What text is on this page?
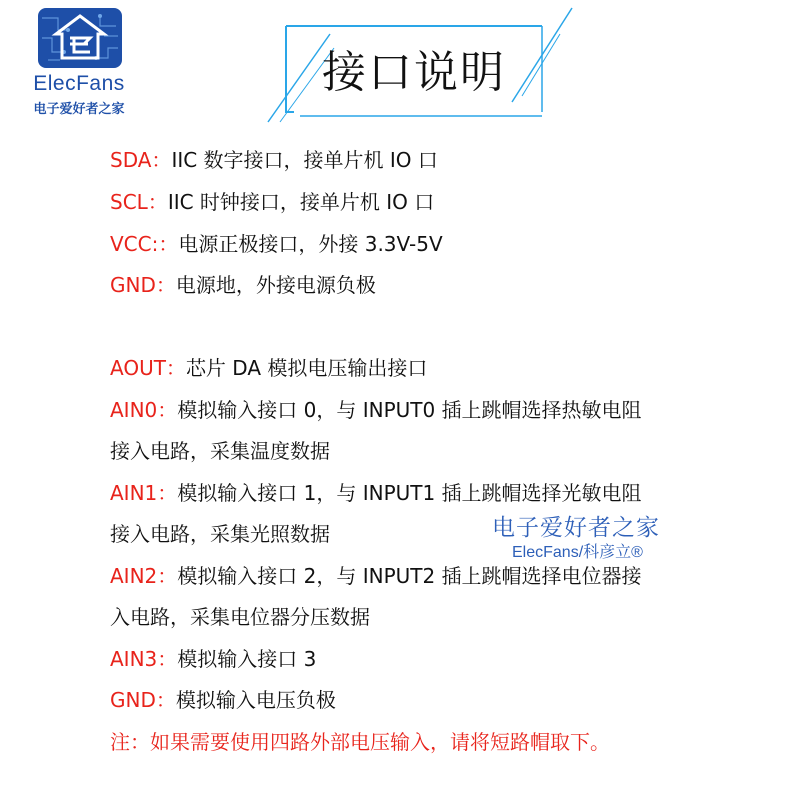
ElecFans
电子爱好者之家
接口说明
SDA：IIC 数字接口，接单片机 IO 口
SCL：IIC 时钟接口，接单片机 IO 口
VCC:：电源正极接口，外接 3.3V-5V
GND：电源地，外接电源负极
AOUT：芯片 DA 模拟电压输出接口
AIN0：模拟输入接口 0，与 INPUT0 插上跳帽选择热敏电阻
接入电路，采集温度数据
AIN1：模拟输入接口 1，与 INPUT1 插上跳帽选择光敏电阻
接入电路，采集光照数据
AIN2：模拟输入接口 2，与 INPUT2 插上跳帽选择电位器接
入电路，采集电位器分压数据
AIN3：模拟输入接口 3
GND：模拟输入电压负极
注：如果需要使用四路外部电压输入，请将短路帽取下。
电子爱好者之家
ElecFans/科彦立®
